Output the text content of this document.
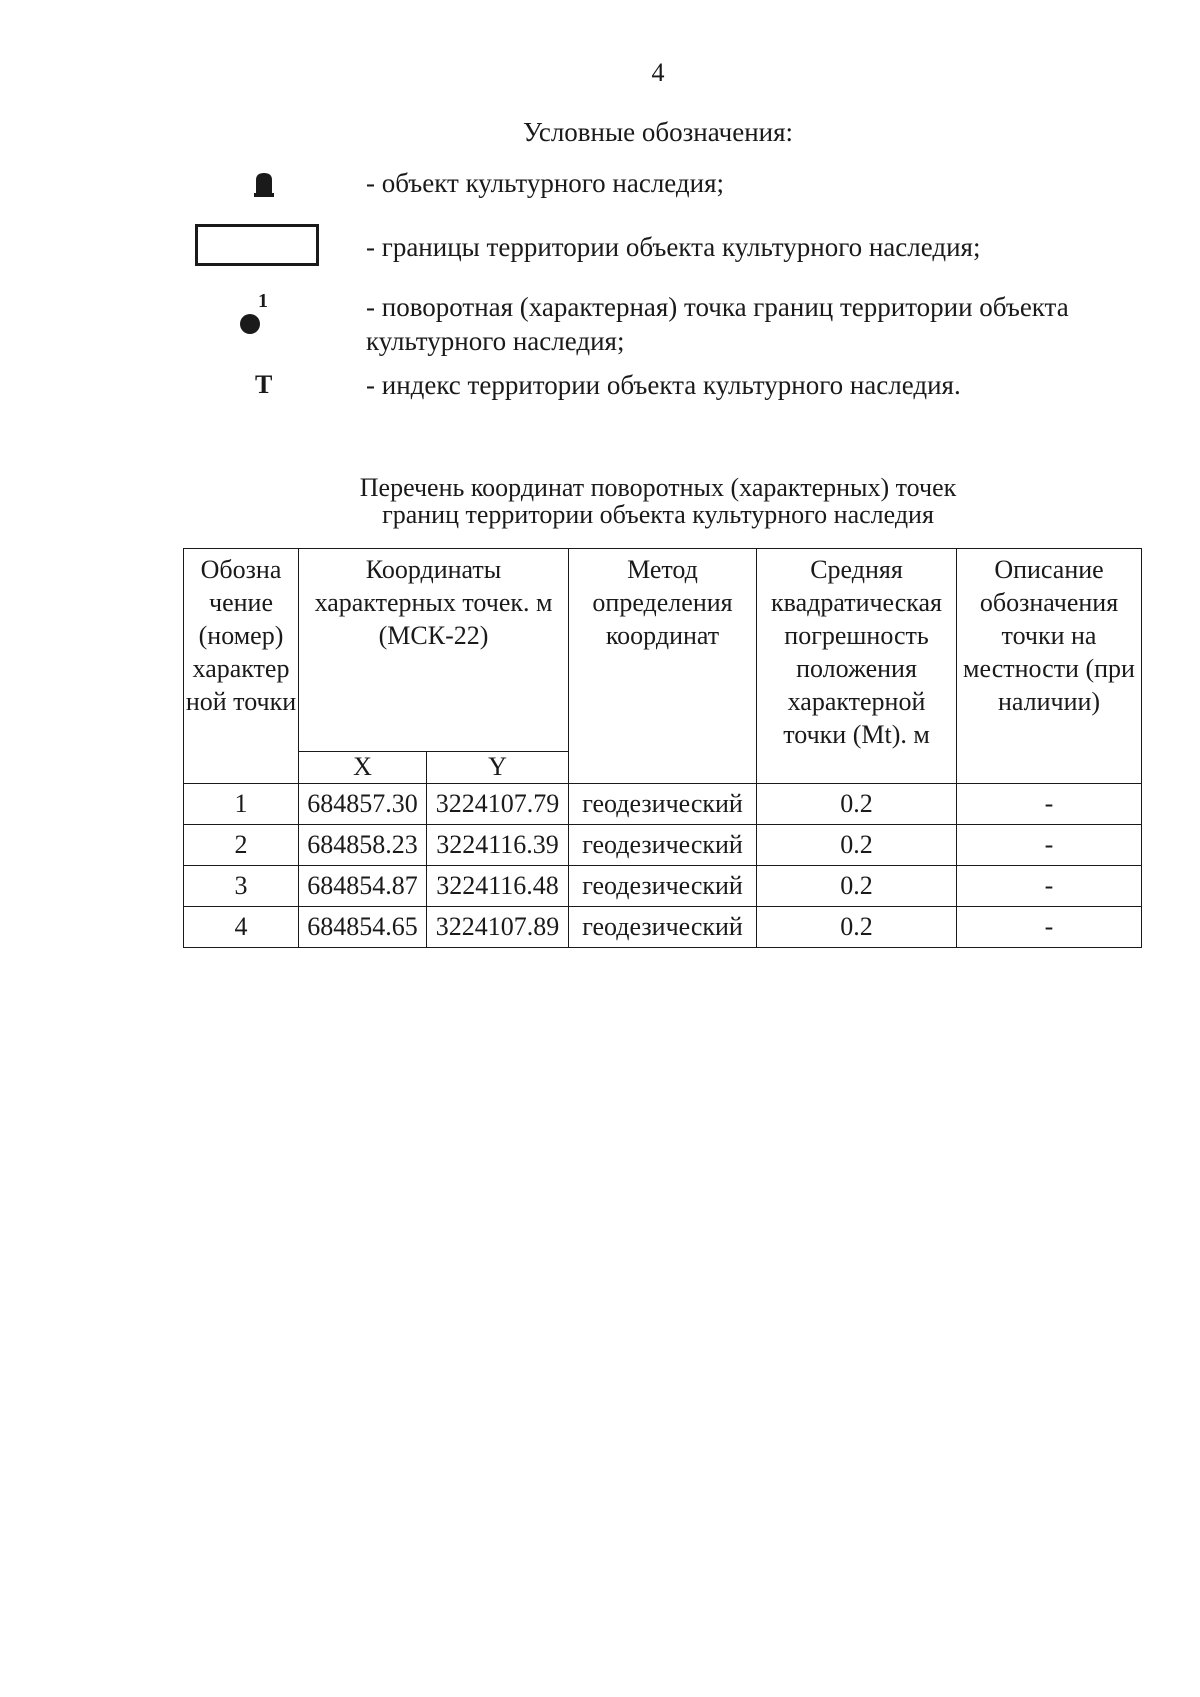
4
Условные обозначения:
- объект культурного наследия;
- границы территории объекта культурного наследия;
1	- поворотная (характерная) точка границ территории объекта культурного наследия;
Т	- индекс территории объекта культурного наследия.
Перечень координат поворотных (характерных) точек
границ территории объекта культурного наследия
Обозна чение (номер) характер ной точки	Координаты характерных точек. м (МСК-22)		Метод определения координат	Средняя квадратическая погрешность положения характерной точки (Mt). м	Описание обозначения точки на местности (при наличии)
	X	Y			
1	684857.30	3224107.79	геодезический	0.2	-
2	684858.23	3224116.39	геодезический	0.2	-
3	684854.87	3224116.48	геодезический	0.2	-
4	684854.65	3224107.89	геодезический	0.2	-
